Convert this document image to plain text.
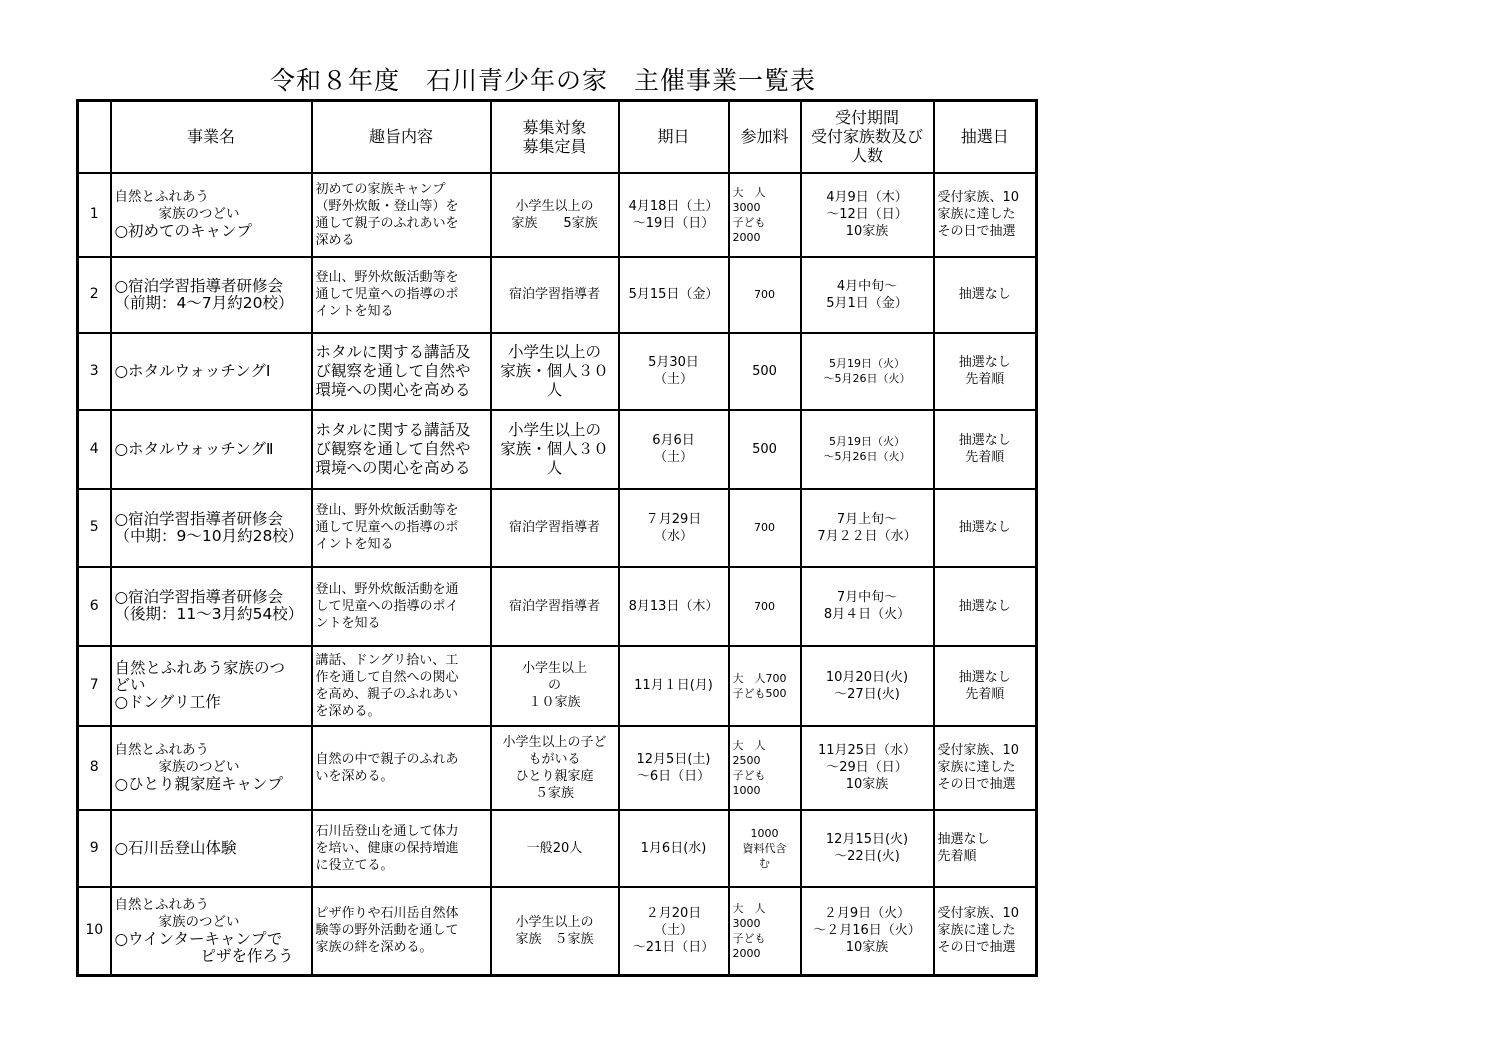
令和８年度　石川青少年の家　主催事業一覧表
	事業名	趣旨内容	募集対象
募集定員	期日	参加料	受付期間
受付家族数及び
人数	抽選日
1	自然とふれあう
家族のつどい
○初めてのキャンプ	初めての家族キャンプ
（野外炊飯・登山等）を
通して親子のふれあいを
深める	小学生以上の
家族　　5家族	4月18日（土）
～19日（日）	大　人
3000
子ども
2000	4月9日（木）
～12日（日）
10家族	受付家族、10
家族に達した
その日で抽選
2	○宿泊学習指導者研修会
（前期：4～7月約20校）	登山、野外炊飯活動等を
通して児童への指導のポ
イントを知る	宿泊学習指導者	5月15日（金）	700	4月中旬～
5月1日（金）	抽選なし
3	○ホタルウォッチングⅠ	ホタルに関する講話及
び観察を通して自然や
環境への関心を高める	小学生以上の
家族・個人３０
人	5月30日
（土）	500	5月19日（火）
～5月26日（火）	抽選なし
先着順
4	○ホタルウォッチングⅡ	ホタルに関する講話及
び観察を通して自然や
環境への関心を高める	小学生以上の
家族・個人３０
人	6月6日
（土）	500	5月19日（火）
～5月26日（火）	抽選なし
先着順
5	○宿泊学習指導者研修会
（中期：9～10月約28校）	登山、野外炊飯活動等を
通して児童への指導のポ
イントを知る	宿泊学習指導者	７月29日
（水）	700	7月上旬～
7月２２日（水）	抽選なし
6	○宿泊学習指導者研修会
（後期：11～3月約54校）	登山、野外炊飯活動を通
して児童への指導のポイ
ントを知る	宿泊学習指導者	8月13日（木）	700	7月中旬～
8月４日（火）	抽選なし
7	自然とふれあう家族のつ
どい
○ドングリ工作	講話、ドングリ拾い、工
作を通して自然への関心
を高め、親子のふれあい
を深める。	小学生以上
の
１０家族	11月１日(月)	大　人700
子ども500	10月20日(火)
～27日(火)	抽選なし
先着順
8	自然とふれあう
家族のつどい
○ひとり親家庭キャンプ	自然の中で親子のふれあ
いを深める。	小学生以上の子ど
もがいる
ひとり親家庭
５家族	12月5日(土)
～6日（日）	大　人
2500
子ども
1000	11月25日（水）
～29日（日）
10家族	受付家族、10
家族に達した
その日で抽選
9	○石川岳登山体験	石川岳登山を通して体力
を培い、健康の保持増進
に役立てる。	一般20人	1月6日(水)	1000
資料代含
む	12月15日(火)
～22日(火)	抽選なし
先着順
10	自然とふれあう
家族のつどい
○ウインターキャンプで
ピザを作ろう	ピザ作りや石川岳自然体
験等の野外活動を通して
家族の絆を深める。	小学生以上の
家族　５家族	２月20日
（土）
～21日（日）	大　人
3000
子ども
2000	２月9日（火）
～２月16日（火）
10家族	受付家族、10
家族に達した
その日で抽選
